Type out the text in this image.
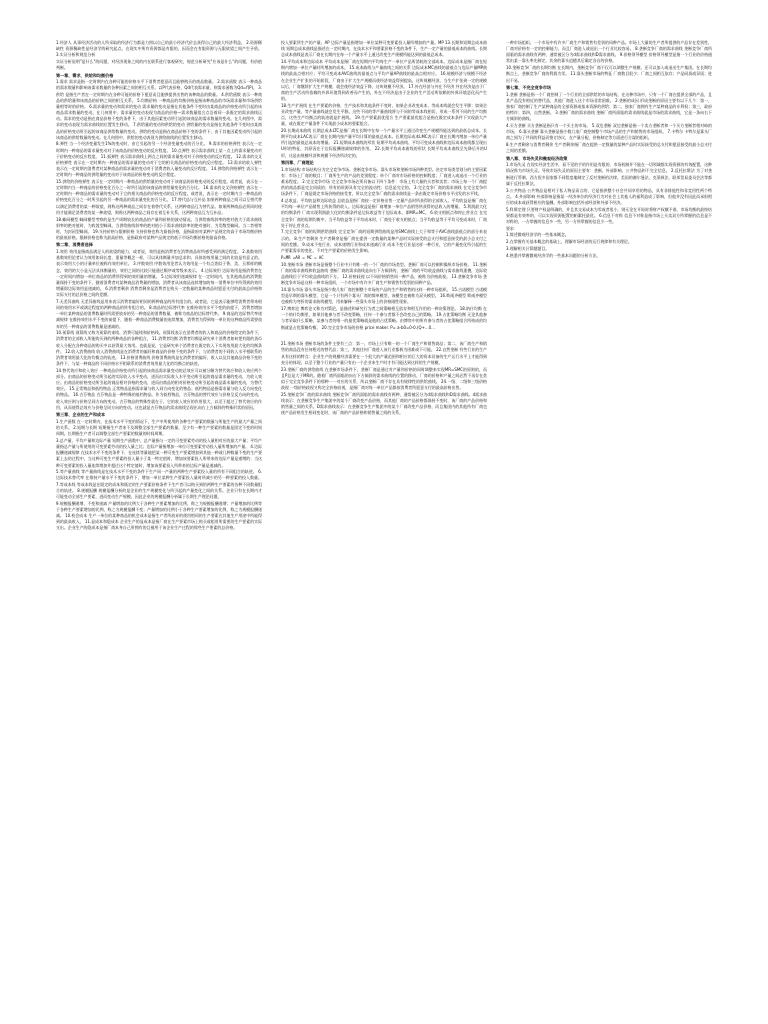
1.经济人 从事经济活动的人所采取的经济行为都是力图以自己的最小经济代价去获得自己的最大经济利益。 2.资源稀缺性 资源稀缺性是经济学的研究起点。在现实中所有资源都是有限的，因而会在有限资源与无限欲望之间产生矛盾。 3.实证分析和规范分析

实证分析说明"是什么"的问题，对经济现象之间的内在联系进行客观研究，规范分析研究"应该是什么"的问题，有价值判断。

第一章、需求、供给和均衡价格

1.需求 需求是指一定时期内在各种可能的价格水平下消费者愿意而且能够购买的商品数量。 2.需求函数 表示一种商品的需求数量和影响该需求数量的各种因素之间的相互关系。以P代表价格，Qd代表需求量，则需求函数为Qd=f(P)。 3.供给 是指生产者在一定时期内在各种可能的价格下愿意而且能够提供出售的该种商品的数量。 4.供给函数 表示一种商品的供给量和该商品的价格之间的相互关系。 5.均衡价格 一种商品的均衡价格是指该种商品的市场需求量和市场供给量相等时的价格。 6.需求量的变动和需求的变动 需求量的变动是指在其他条件不变时由某商品的价格变动所引起的该商品需求数量的变动。在几何图中，需求量的变动表现为商品的价格—需求数量组合点沿着同一条既定的需求曲线运动。需求的变动是指在商品价格不变的条件下，由于其他因素变动所引起的该商品的需求数量的变动。在几何图中，需求的变动表现为需求曲线的位置发生移动。 7.供给量的变动和供给的变动 供给量的变动是指在其他条件不变时由某商品的价格变动所引起的该商品供给数量的变动。供给的变动是指在商品价格不变的条件下，由于其他因素变动所引起的该商品的供给数量的变动。在几何图中，供给的变动表现为供给曲线的位置发生移动。

8.弹性 当一个经济变量发生1%的变动时，由它引起的另一个经济变量变动的百分比。 9.需求的价格弹性 表示在一定时期内一种商品的需求量变动对于该商品的价格变动的反应程度。 10.点弹性 表示需求曲线上某一点上的需求量变动对于价格变动的反应程度。 11.弧弹性 表示需求曲线上两点之间的需求量变动对于价格变动的反应程度。 12.需求的交叉价格弹性 表示在一定时期内一种商品的需求量的变动对于它的相关商品的价格变动的反应程度。 13.需求的收入弹性 表示在一定时期内消费者对某种商品的需求量的变动对于消费者收入量变动的反应程度。 14.供给的价格弹性 表示在一定时期内一种商品的供给量的变动对于该商品的价格变动的反应程度。

15.供给的价格弹性 表示在一定时期内一种商品的供给量的变动对于该商品的价格变动的反应程度。或者说，表示在一定时期内当一种商品的价格变化百分之一时所引起的该商品的供给量变化的百分比。 16.需求的交叉价格弹性 表示在一定时期内一种商品的需求量的变动对于它的相关商品的价格变动的反应程度。或者说，表示在一定时期内当一种商品的价格变化百分之一时所引起的另一种商品的需求量变化的百分比。 17.替代品与互补品 如果两种商品之间可以互相代替以满足消费者的某一种欲望，则称这两种商品之间存在着替代关系，这两种商品互为替代品。如果两种商品必须同时使用才能满足消费者的某一种欲望，则称这两种商品之间存在着互补关系，这两种商品互为互补品。

18.蛛网模型 蛛网模型考察的是生产周期较长的商品的产量和价格的波动情况。当供给曲线斜率的绝对值大于需求曲线斜率的绝对值时，为收敛型蛛网。当供给曲线斜率的绝对值小于需求曲线斜率的绝对值时，为发散型蛛网。当二者相等时，为封闭型蛛网。 19.支持价格与限制价格 支持价格也称为最低价格，是指政府对某种产品规定的高于市场均衡价格的最低价格。限制价格也称为最高价格，是指政府对某种产品规定的低于市场均衡价格的最高价格。

第二章、消费者选择

1.效用 效用是指商品满足人的欲望的能力，或者说，效用是指消费者在消费商品时所感受到的满足程度。 2.基数效用 基数效用论者认为效用如同长度、重量等概念一样，可以具体衡量并加总求和，具体的效用量之间的比较是有意义的。表示效用大小的计量单位被称作效用单位。 3.序数效用 序数效用论者认为效用是一个有点类似于香、美、丑那样的概念，效用的大小是无法具体衡量的，效用之间的比较只能通过顺序或等级来表示。 4.边际效用 边际效用是指消费者在一定时间内增加一单位商品的消费所得到的效用量的增量。 5.边际效用递减规律 在一定时间内，在其他商品的消费数量保持不变的条件下，随着消费者对某种商品消费量的增加，消费者从该商品连续增加的每一消费单位中所得到的效用增量即边际效用是递减的。 6.消费者剩余 消费者剩余是消费者在购买一定数量的某种商品时愿意支付的最高总价格和实际支付的总价格之间的差额。

7.无差异曲线 无差异曲线是用来表示消费者偏好相同的两种商品的所有组合的。或者说，它是表示能够给消费者带来相同的效用水平或满足程度的两种商品的所有组合的。 8.商品的边际替代率 在维持效用水平不变的前提下，消费者增加一单位某种商品的消费数量时所需要放弃的另一种商品的消费数量，被称为商品的边际替代率。 9.商品的边际替代率递减规律 在维持效用水平不变的前提下，随着一种商品消费数量的连续增加，消费者为得到每一单位的这种商品所需要放弃的另一种商品的消费数量是递减的。

10.预算线 预算线又称为预算约束线、消费可能线和价格线。预算线表示在消费者的收入和商品的价格给定的条件下，消费者的全部收入所能购买到的两种商品的各种组合。 11.消费者均衡 消费者均衡是研究单个消费者如何把有限的货币收入分配在各种商品的购买中以获得最大效用。也就是说，它是研究单个消费者在既定收入下实现效用最大化的均衡条件。 12.收入消费曲线 收入消费曲线是在消费者的偏好和商品的价格不变的条件下，与消费者的不同收入水平相联系的消费者效用最大化的均衡点的轨迹。 13.价格消费曲线 价格消费曲线是在消费者的偏好、收入以及其他商品价格不变的条件下，与某一种商品的不同价格水平相联系的消费者效用最大化的均衡点的轨迹。

14.替代效应和收入效应 一种商品价格变动所引起的该商品需求量变动的总效应可以被分解为替代效应和收入效应两个部分。由商品的价格变动所引起的实际收入水平变动，进而由实际收入水平变动所引起的商品需求量的变动，为收入效应。由商品的价格变动所引起的商品相对价格的变动，进而由商品的相对价格变动所引起的商品需求量的变动，为替代效应。 15.正常物品和低档物品 正常物品是指需求量与收入同方向变化的物品；低档物品是指需求量与收入反方向变化的物品。 16.吉芬物品 吉芬物品是一种特殊的低档物品，作为低档物品，吉芬物品的替代效应与价格呈反方向的变动，收入效应则与价格呈同方向的变动。吉芬物品的特殊性就在于，它的收入效应的作用很大，以至于超过了替代效应的作用，从而使得总效应与价格呈同方向的变动。这也就是吉芬物品的需求曲线呈现出向右上方倾斜的特殊形状的原因。

第三章、企业的生产和成本

1.生产函数 在一定时期内，在技术水平不变的情况下，生产中所使用的各种生产要素的数量与所能生产的最大产量之间的关系。 2.短期与长期 短期指生产者来不及调整全部生产要素的数量，至少有一种生产要素的数量是固定不变的时间周期。长期指生产者可以调整全部生产要素的数量的时间周期。

3.总产量、平均产量和边际产量 短期生产函数中，总产量指与一定的可变要素劳动的投入量相对应的最大产量；平均产量指总产量与所使用的可变要素劳动的投入量之比；边际产量指增加一单位可变要素劳动投入量所增加的产量。 4.边际报酬递减规律 在技术水平不变的条件下，在连续等量地把某一种可变生产要素增加到其他一种或几种数量不变的生产要素上去的过程中，当这种可变生产要素的投入量小于某一特定值时，增加该要素投入所带来的边际产量是递增的；当这种可变要素的投入量连续增加并超过这个特定值时，增加该要素投入所带来的边际产量是递减的。

5.等产量曲线 等产量曲线是在技术水平不变的条件下生产同一产量的两种生产要素投入量的所有不同组合的轨迹。 6.边际技术替代率 在维持产量水平不变的条件下，增加一单位某种生产要素投入量时所减少的另一种要素的投入数量。 7.等成本线 等成本线是在既定的成本和既定的生产要素价格条件下生产者可以购买到的两种生产要素的各种不同数量组合的轨迹。 8.规模报酬 规模报酬分析的是企业的生产规模变化与所引起的产量变化之间的关系。企业只有在长期内才可能变动全部生产要素，进而变动生产规模，因此企业的规模报酬分析属于长期生产理论问题。

9.规模报酬递增、不变和递减 产量增加的比例大于各种生产要素增加的比例，称之为规模报酬递增；产量增加的比例等于各种生产要素增加的比例，称之为规模报酬不变；产量增加的比例小于各种生产要素增加的比例，称之为规模报酬递减。 10.机会成本 生产一单位的某种商品的机会成本是指生产者所放弃的使用相同的生产要素在其他生产用途中所能得到的最高收入。 11.显成本和隐成本 企业生产的显成本是指厂商在生产要素市场上购买或租用所需要的生产要素的实际支出。企业生产的隐成本是指厂商本身自己所拥有的且被用于该企业生产过程的那些生产要素的总价格。

投入要素所生产的产量。AP 边际产量是指增加一单位某种可变要素投入量所增加的产量。MP 13.长期和短期总成本曲线 短期总成本曲线是描述在一定时期内，在技术水平和要素价格不变的条件下，生产一定产量的最低成本的曲线。长期总成本曲线是表示厂商在长期内在每一个产量水平上通过改变生产规模所能达到的最低总成本。

14.平均成本和边际成本 平均成本是指厂商在短期内平均每生产一单位产品所消耗的全部成本。边际成本是指厂商在短期内增加一单位产量时所增加的成本。 15.成本曲线与产量曲线之间的关系 边际成本MC曲线的最低点与边际产量MP曲线的最高点相对应；平均可变成本AVC曲线的最低点与平均产量AP曲线的最高点相对应。 16.规模经济与规模不经济 在企业生产扩张的开始阶段，厂商由于扩大生产规模而使经济效益得到提高，这叫规模经济。当生产扩张到一定的规模以后，厂商继续扩大生产规模，就会使经济效益下降，这叫规模不经济。 17.外在经济与外在不经济 外在经济是由于厂商的生产活动所依赖的外界环境得到改善而产生的。外在不经济是由于企业的生产活动所依赖的外界环境恶化而产生的。

18.生产扩展线 在生产要素的价格、生产技术和其他条件不变时，如果企业改变成本，等成本线就会发生平移；如果企业改变产量，等产量曲线就会发生平移。这些不同的等产量曲线将与不同的等成本线相切，形成一系列不同的生产均衡点，这些生产均衡点的轨迹就是扩展线。 19.生产要素最优组合 生产要素最优组合是指在既定成本条件下实现最大产量，或在既定产量条件下实现最小成本的要素组合。

20.长期成本曲线 长期总成本LTC是指厂商在长期中在每一个产量水平上通过改变生产规模所能达到的最低总成本。长期平均成本LAC表示厂商在长期内按产量平均计算的最低总成本。长期边际成本LMC表示厂商在长期内增加一单位产量所引起的最低总成本的增量。 21.短期成本曲线的形状 短期平均成本曲线、平均可变成本曲线和边际成本曲线都呈现出U形的特征，其原因在于边际报酬递减规律的作用。 22.长期平均成本曲线的形状 长期平均成本曲线呈先降后升的U形，这是由规模经济和规模不经济所决定的。

第四章、厂商理论

1.市场结构 市场结构分为完全竞争市场、垄断竞争市场、寡头市场和垄断市场四种类型。决定市场类型划分的主要因素有：市场上厂商的数目；厂商所生产的产品的差别程度；单个厂商对市场价格的控制程度；厂商进入或退出一个行业的难易程度。 2.完全竞争市场 完全竞争市场必须具备以下四个条件：市场上有大量的买者和卖者；市场上每一个厂商提供的商品都是完全同质的；所有的资源具有完全的流动性；信息是完全的。 3.完全竞争厂商的需求曲线 在完全竞争市场条件下，厂商是既定市场价格的接受者，所以完全竞争厂商的需求曲线是一条由既定市场价格水平出发的水平线。

4.总收益、平均收益和边际收益 总收益是指厂商按一定价格出售一定量产品时所获得的全部收入。平均收益是指厂商在平均每一单位产品销售上所获得的收入。边际收益是指厂商增加一单位产品销售所获得的总收入的增量。 5.利润最大化的均衡条件 厂商实现利润最大化的均衡条件是边际收益等于边际成本，即MR=MC。 6.收支相抵点和停止营业点 在完全竞争厂商的短期均衡中，当平均收益等于平均成本时，厂商处于收支相抵点；当平均收益等于平均可变成本时，厂商处于停止营业点。

7.完全竞争厂商的短期供给曲线 完全竞争厂商的短期供给曲线是用SMC曲线上大于和等于AVC曲线最低点的部分来表示的。 8.生产者剩余 生产者剩余是指厂商在提供一定数量的某种产品时实际接受的总支付和愿意接受的最小总支付之间的差额。 9.成本不变行业、成本递增行业和成本递减行业 成本不变行业是这样一种行业，它的产量变化所引起的生产要素需求的变化，不对生产要素的价格发生影响。

P=MR =AR = MC = AC

10.垄断市场 垄断市场是指整个行业中只有唯一的一个厂商的市场类型。垄断厂商可以控制和操纵市场价格。 11.垄断厂商的需求曲线和收益曲线 垄断厂商的需求曲线是向右下方倾斜的，垄断厂商的平均收益曲线与需求曲线重叠，边际收益曲线位于平均收益曲线的下方。 12.价格歧视 以不同价格销售同一种产品，被称为价格歧视。 13.垄断竞争市场 垄断竞争市场是这样一种市场组织，一个市场中有许多厂商生产和销售有差别的同种产品。

14.寡头市场 寡头市场是指少数几家厂商控制整个市场的产品的生产和销售的这样一种市场组织。 15.古诺模型 古诺模型是早期的寡头模型，它是一个只有两个寡头厂商的简单模型，该模型也被称为双头模型。 16.斯威齐模型 斯威齐模型也被称为弯折的需求曲线模型，用来解释一些寡头市场上的价格刚性现象。

17.博弈论 博弈论又称为对策论，是描述和研究行为者之间策略相互依存和相互作用的一种决策理论。 18.纳什均衡 在一个纳什均衡里，如果其他参与者不改变策略，任何一个参与者都不会改变自己的策略。 19.占优策略均衡 无论其他参与者采取什么策略，某参与者的唯一的最优策略就是他的占优策略。由博弈中的所有参与者的占优策略组合所构成的均衡就是占优策略均衡。 20.完全竞争市场的价格 price maker. P= a-b0=0-0.(Q+...0...

21.垄断市场 垄断市场的条件主要有三点：第一，市场上只有唯一的一个厂商生产和销售商品；第二，该厂商生产和销售的商品没有任何相近的替代品；第三，其他任何厂商进入该行业都极为困难或不可能。 22.自然垄断 有些行业的生产具有这样的特点：企业生产的规模经济需要在一个很大的产量范围和相应的巨大的资本设备的生产运行水平上才能得到充分的体现，以至于整个行业的产量只有由一个企业来生产时才有可能达到这样的生产规模。

23.垄断厂商的供给曲线 在垄断市场条件下，垄断厂商是通过对产量和价格的同时调整来实现MR=SMC的原则的，而且P总是大于MR的。随着厂商所面临的向右下方倾斜的需求曲线的位置的移动，厂商的价格和产量之间必然不再存在类似于完全竞争条件下的那种一一对应的关系，所以垄断厂商不存在具有规律性的供给曲线。 24.一级、二级和三级价格歧视 一级价格歧视又称完全价格歧视，是指厂商对每一单位产品都按消费者所愿意支付的最高价格出售。

25.垄断竞争厂商的需求曲线 垄断竞争厂商所面临的需求曲线有两种，通常被区分为d需求曲线和D需求曲线。d需求曲线表示：在垄断竞争生产集团中的某个厂商改变产品价格，而其他厂商的产品价格都保持不变时，该厂商的产品价格和销售量之间的关系。D需求曲线表示：在垄断竞争生产集团中的某个厂商改变产品价格，而且集团内的其他所有厂商也使产品价格发生相同变化时，该厂商的产品价格和销售量之间的关系。

一种市场组织。一个市场中有许多厂商生产和销售有差别的同种产品。市场上大量的生产者所提供的产品存在差别性，厂商对价格有一定的控制能力，而且厂商进入或退出一个行业比较容易。 8.垄断竞争厂商的需求曲线 垄断竞争厂商所面临的需求曲线有两种，通常被区分为d需求曲线和D需求曲线。 9.价格领导模型 价格领导模型是指一个行业的价格通常由某一寡头率先制定，其余的寡头追随其后确定各自的价格。

10.垄断竞争厂商的长期均衡 在长期内，垄断竞争厂商不仅可以调整生产规模，还可以加入或退出生产集团。在长期均衡点上，垄断竞争厂商的利润为零。 11.寡头垄断市场的特征 厂商数目很少；厂商之间相互依存；产品同质或异质；进出不易。

第七章、不完全竞争市场

1.垄断 垄断是指一个厂商控制了一个行业的全部供给的市场结构，在这种市场中，只有一个厂商在提供全部的产品，且其产品没有相近的替代品，其他厂商进入这个市场非常困难。 2.垄断的成因 形成垄断的原因主要有以下几个：第一，独家厂商控制了生产某种商品的全部资源或基本资源的供给；第二，独家厂商拥有生产某种商品的专利权；第三，政府的特许；第四，自然垄断。 3.垄断厂商的需求曲线 垄断厂商所面临的需求曲线就是市场的需求曲线，它是一条向右下方倾斜的曲线。

4.买方垄断 买方垄断是指只有一个买主的市场。 5.双边垄断 双边垄断是指一个卖方垄断者和一个买方垄断者相对峙的市场。 6.寡头垄断 寡头垄断是指少数几家厂商控制整个市场产品的生产和销售的市场组织。 7.卡特尔 卡特尔是寡头厂商之间为了共同的利益而签订协议，在产量分配、价格制定等方面进行合谋的组织。

8.生产者剩余与消费者剩余 生产者剩余指厂商在提供一定数量的某种产品时实际接受的总支付和愿意接受的最小总支付之间的差额。

第八章、市场失灵和微观经济政策

1.市场失灵 在现实经济生活中，看不见的手的作用是有限的，市场机制并不能在一切领域都实现资源的有效配置，这种情况称为市场失灵。导致市场失灵的原因主要有：垄断、外部影响、公共物品和不完全信息。 2.反托拉斯法 为了对垄断进行管制，西方很多国家都不同程度地制定了反对垄断的法律。美国的谢尔曼法、克莱顿法、联邦贸易委员会法等都属于反托拉斯法。

3.公共物品 公共物品是相对于私人物品而言的，它是指供整个社会共同享用的物品，具有非排他性和非竞用性两个特点。 4.外部影响 外部影响是指某一经济单位的经济行为对社会上其他人的福利造成了影响，但他并没有因此而承担相应的成本或获得相应的报酬。外部影响包括外部经济和外部不经济。

5.科斯定理 只要财产权是明确的，并且其交易成本为零或者很小，则无论在开始时将财产权赋予谁，市场均衡的最终结果都是有效率的，可以实现资源配置的帕累托最优。 6.信息不对称 信息不对称是指市场上买卖双方所掌握的信息是不对称的，一方掌握的信息多一些，另一方所掌握的信息少一些。

要求：

1.简述微观经济学的一些基本概念。

2.在掌握有关基本概念的基础上，理解市场经济的运行规律和有关理论。

3.理解相关计算题题目。

4.熟悉并掌握微观经济学的一些基本问题的分析方法。
